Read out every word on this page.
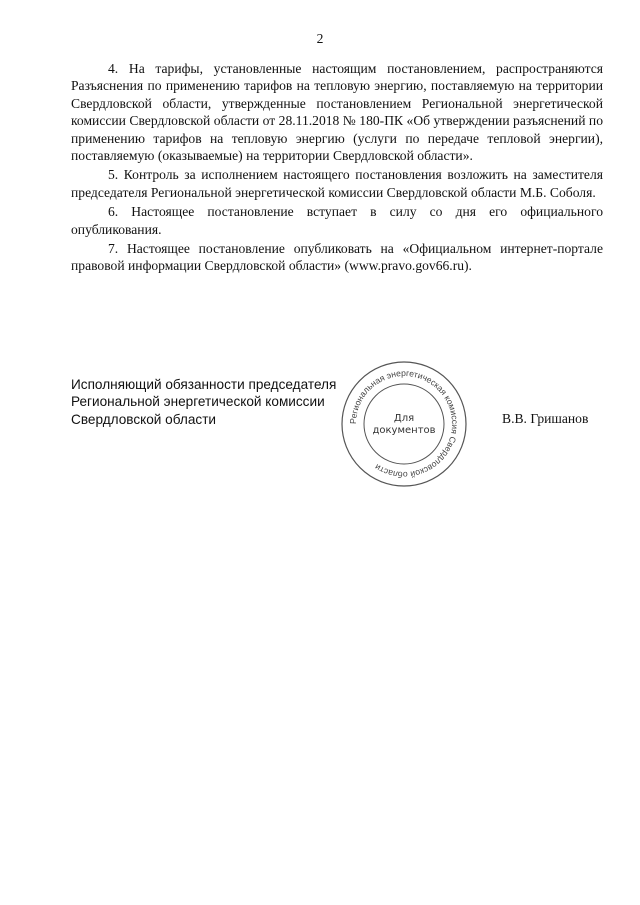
2

4. На тарифы, установленные настоящим постановлением, распространяются Разъяснения по применению тарифов на тепловую энергию, поставляемую на территории Свердловской области, утвержденные постановлением Региональной энергетической комиссии Свердловской области от 28.11.2018 № 180-ПК «Об утверждении разъяснений по применению тарифов на тепловую энергию (услуги по передаче тепловой энергии), поставляемую (оказываемые) на территории Свердловской области».

5. Контроль за исполнением настоящего постановления возложить на заместителя председателя Региональной энергетической комиссии Свердловской области М.Б. Соболя.

6. Настоящее постановление вступает в силу со дня его официального опубликования.

7. Настоящее постановление опубликовать на «Официальном интернет-портале правовой информации Свердловской области» (www.pravo.gov66.ru).

Исполняющий обязанности председателя
Региональной энергетической комиссии
Свердловской области	Региональная энергетическая комиссия Свердловской области
Для
документов
В.В. Гришанов
